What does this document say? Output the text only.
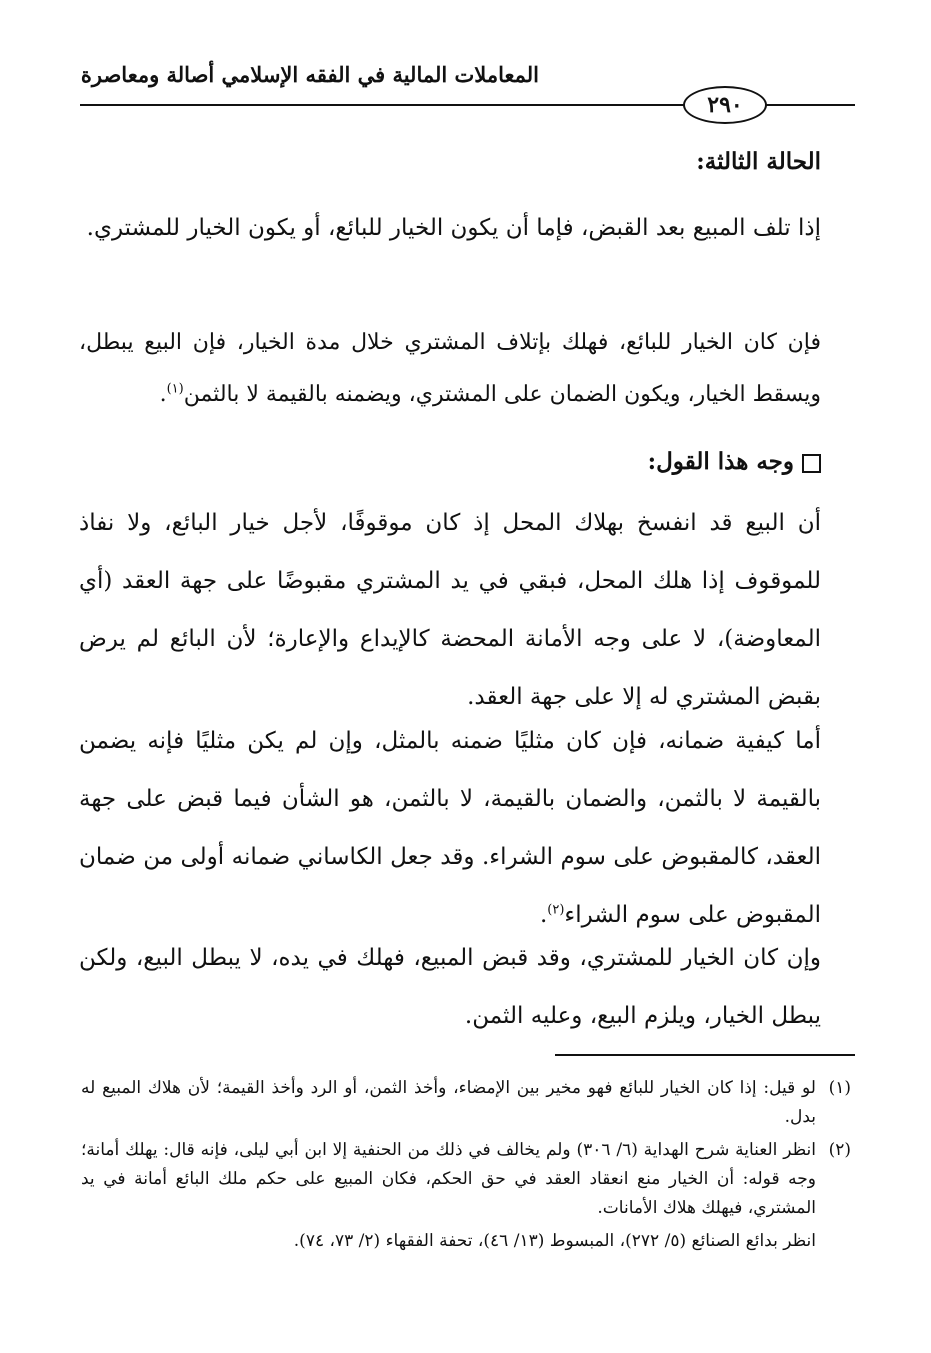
المعاملات المالية في الفقه الإسلامي أصالة ومعاصرة
٢٩٠
الحالة الثالثة:
إذا تلف المبيع بعد القبض، فإما أن يكون الخيار للبائع، أو يكون الخيار للمشتري.
فإن كان الخيار للبائع، فهلك بإتلاف المشتري خلال مدة الخيار، فإن البيع يبطل، ويسقط الخيار، ويكون الضمان على المشتري، ويضمنه بالقيمة لا بالثمن$^{(١)}$.
وجه هذا القول:
أن البيع قد انفسخ بهلاك المحل إذ كان موقوفًا، لأجل خيار البائع، ولا نفاذ للموقوف إذا هلك المحل، فبقي في يد المشتري مقبوضًا على جهة العقد (أي المعاوضة)، لا على وجه الأمانة المحضة كالإيداع والإعارة؛ لأن البائع لم يرض بقبض المشتري له إلا على جهة العقد.
أما كيفية ضمانه، فإن كان مثليًا ضمنه بالمثل، وإن لم يكن مثليًا فإنه يضمن بالقيمة لا بالثمن، والضمان بالقيمة، لا بالثمن، هو الشأن فيما قبض على جهة العقد، كالمقبوض على سوم الشراء. وقد جعل الكاساني ضمانه أولى من ضمان المقبوض على سوم الشراء$^{(٢)}$.
وإن كان الخيار للمشتري، وقد قبض المبيع، فهلك في يده، لا يبطل البيع، ولكن يبطل الخيار، ويلزم البيع، وعليه الثمن.
(١)
لو قيل: إذا كان الخيار للبائع فهو مخير بين الإمضاء، وأخذ الثمن، أو الرد وأخذ القيمة؛ لأن هلاك المبيع له بدل.
(٢)
انظر العناية شرح الهداية (٦/ ٣٠٦) ولم يخالف في ذلك من الحنفية إلا ابن أبي ليلى، فإنه قال: يهلك أمانة؛ وجه قوله: أن الخيار منع انعقاد العقد في حق الحكم، فكان المبيع على حكم ملك البائع أمانة في يد المشتري، فيهلك هلاك الأمانات.
انظر بدائع الصنائع (٥/ ٢٧٢)، المبسوط (١٣/ ٤٦)، تحفة الفقهاء (٢/ ٧٣، ٧٤).
